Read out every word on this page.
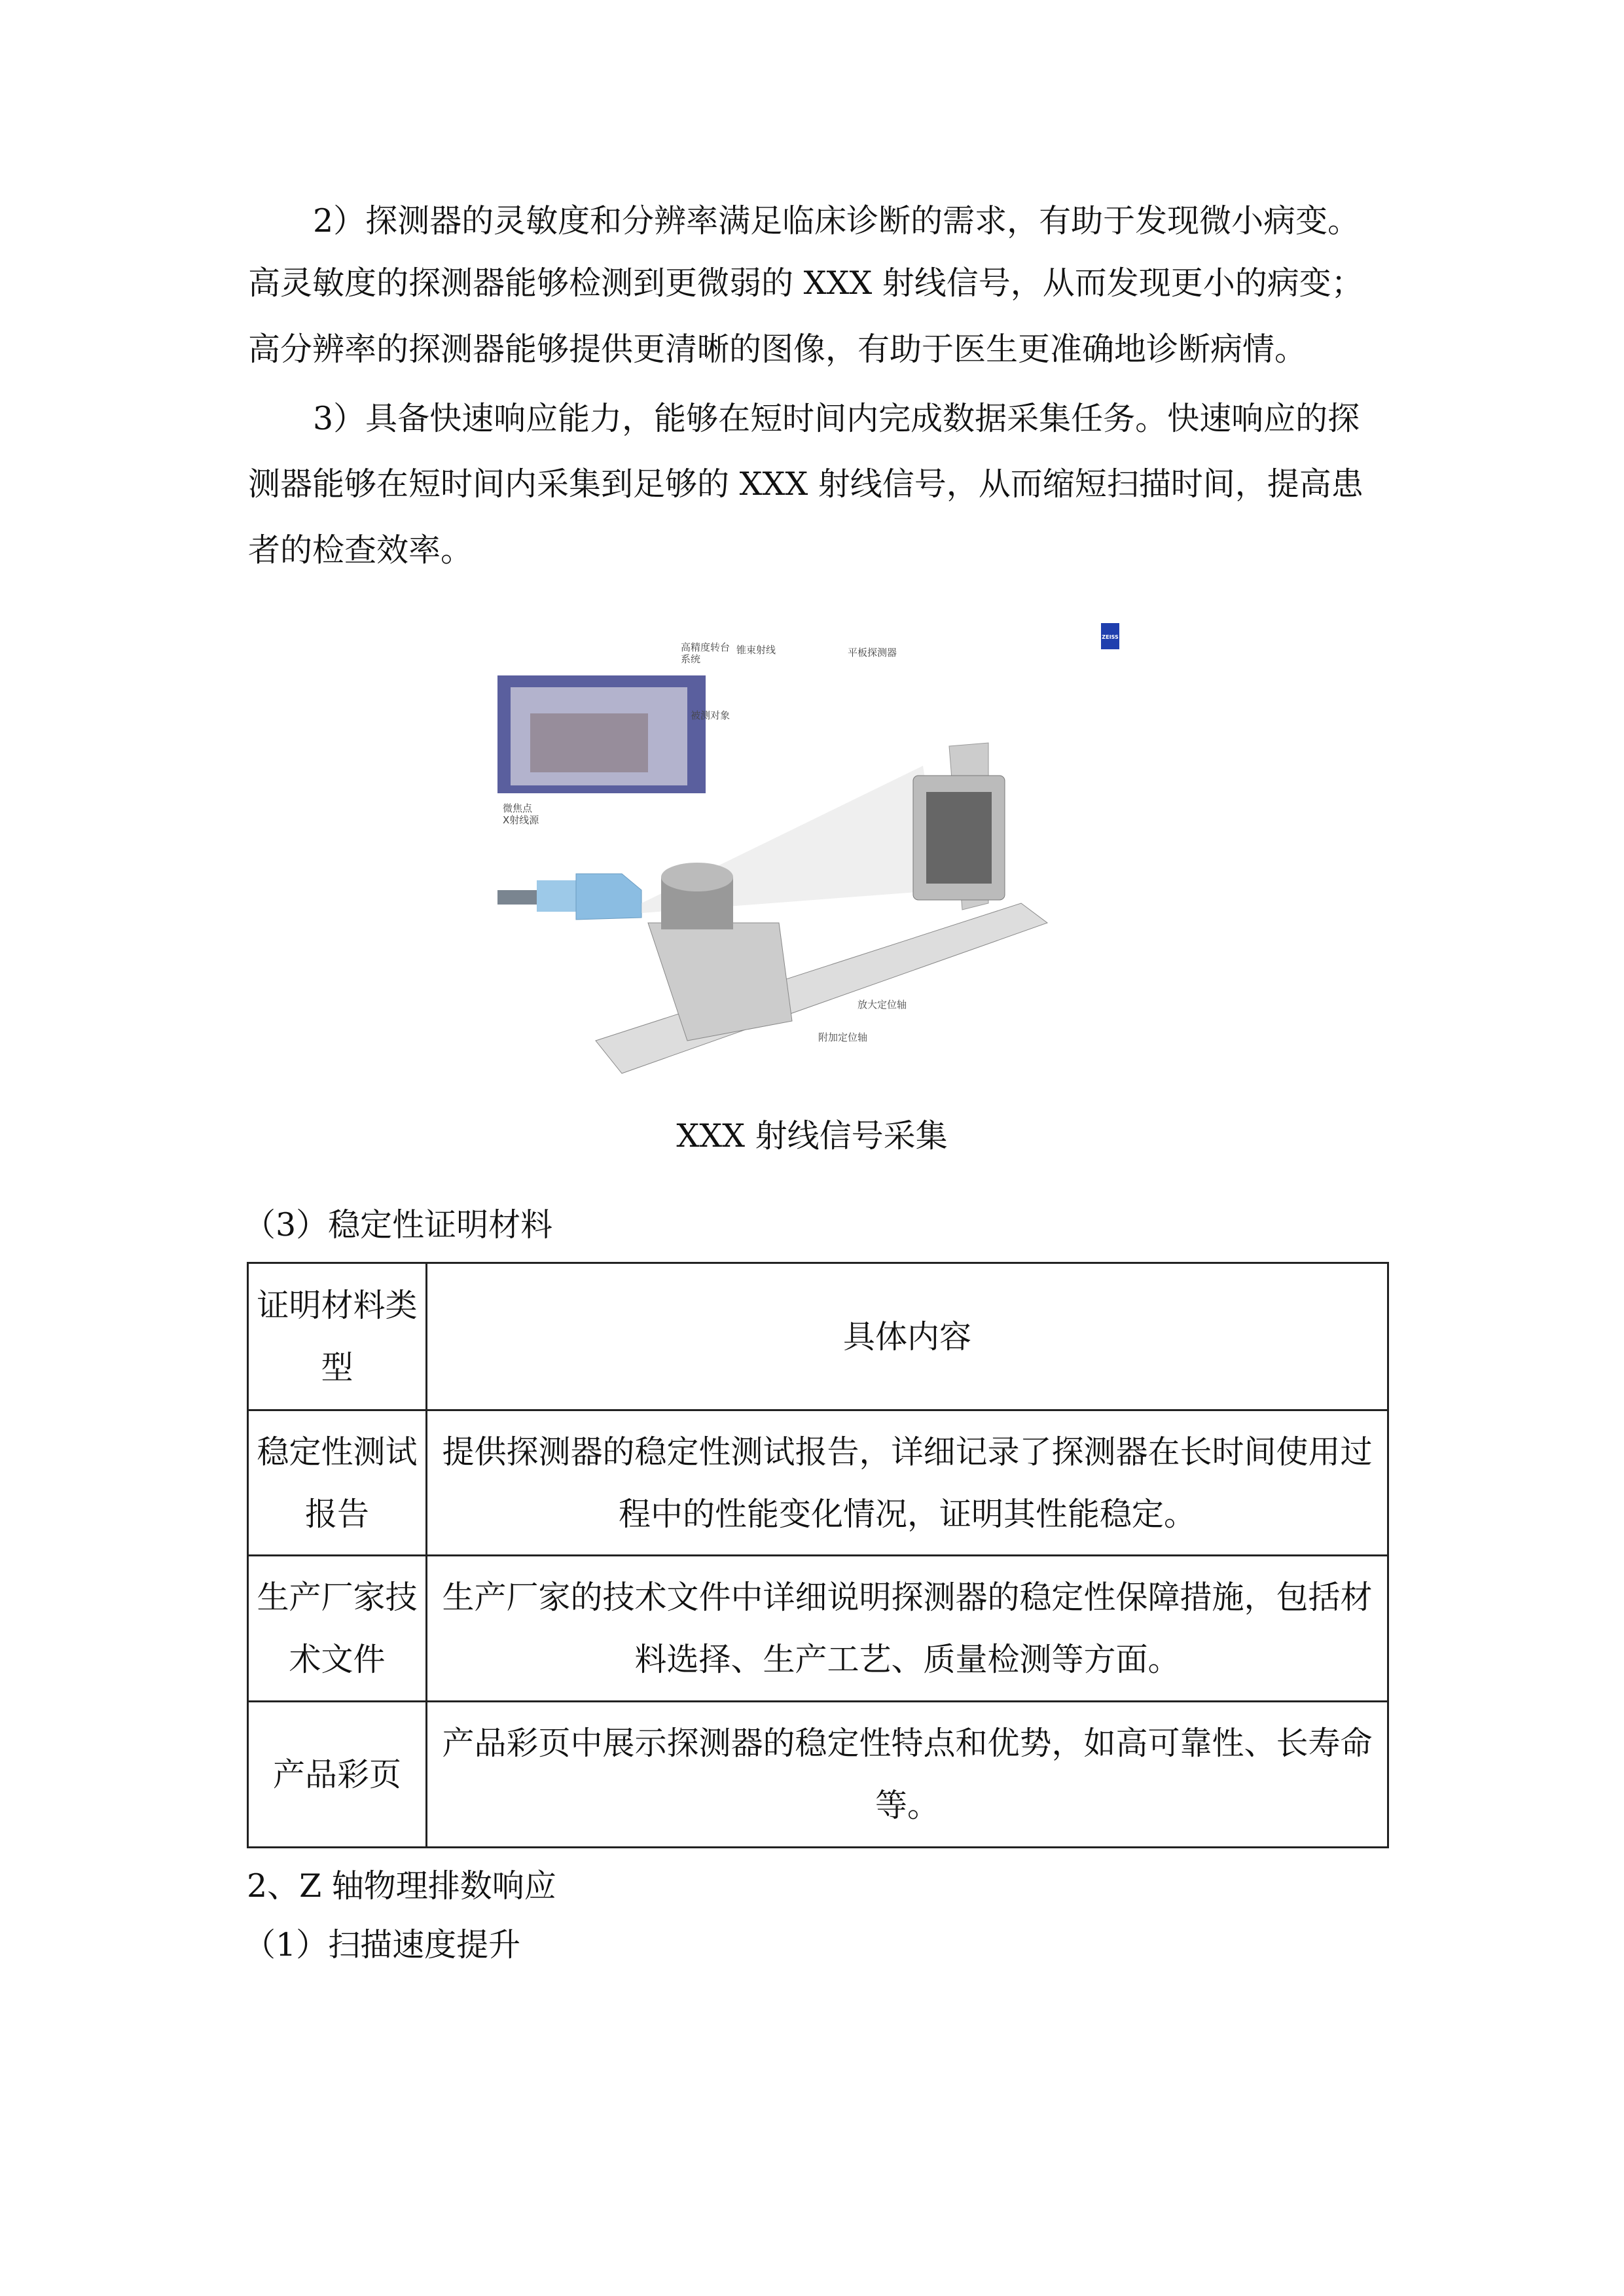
2）探测器的灵敏度和分辨率满足临床诊断的需求，有助于发现微小病变。
高灵敏度的探测器能够检测到更微弱的 XXX 射线信号，从而发现更小的病变；
高分辨率的探测器能够提供更清晰的图像，有助于医生更准确地诊断病情。
3）具备快速响应能力，能够在短时间内完成数据采集任务。快速响应的探
测器能够在短时间内采集到足够的 XXX 射线信号，从而缩短扫描时间，提高患
者的检查效率。
ZEISS
高精度转台
系统
锥束射线	平板探测器
被测对象
微焦点
X射线源
放大定位轴
附加定位轴
XXX 射线信号采集
（3）稳定性证明材料
证明材料类型	具体内容
稳定性测试报告	提供探测器的稳定性测试报告，详细记录了探测器在长时间使用过程中的性能变化情况，证明其性能稳定。
生产厂家技术文件	生产厂家的技术文件中详细说明探测器的稳定性保障措施，包括材料选择、生产工艺、质量检测等方面。
产品彩页	产品彩页中展示探测器的稳定性特点和优势，如高可靠性、长寿命等。
2、Z 轴物理排数响应
（1）扫描速度提升
